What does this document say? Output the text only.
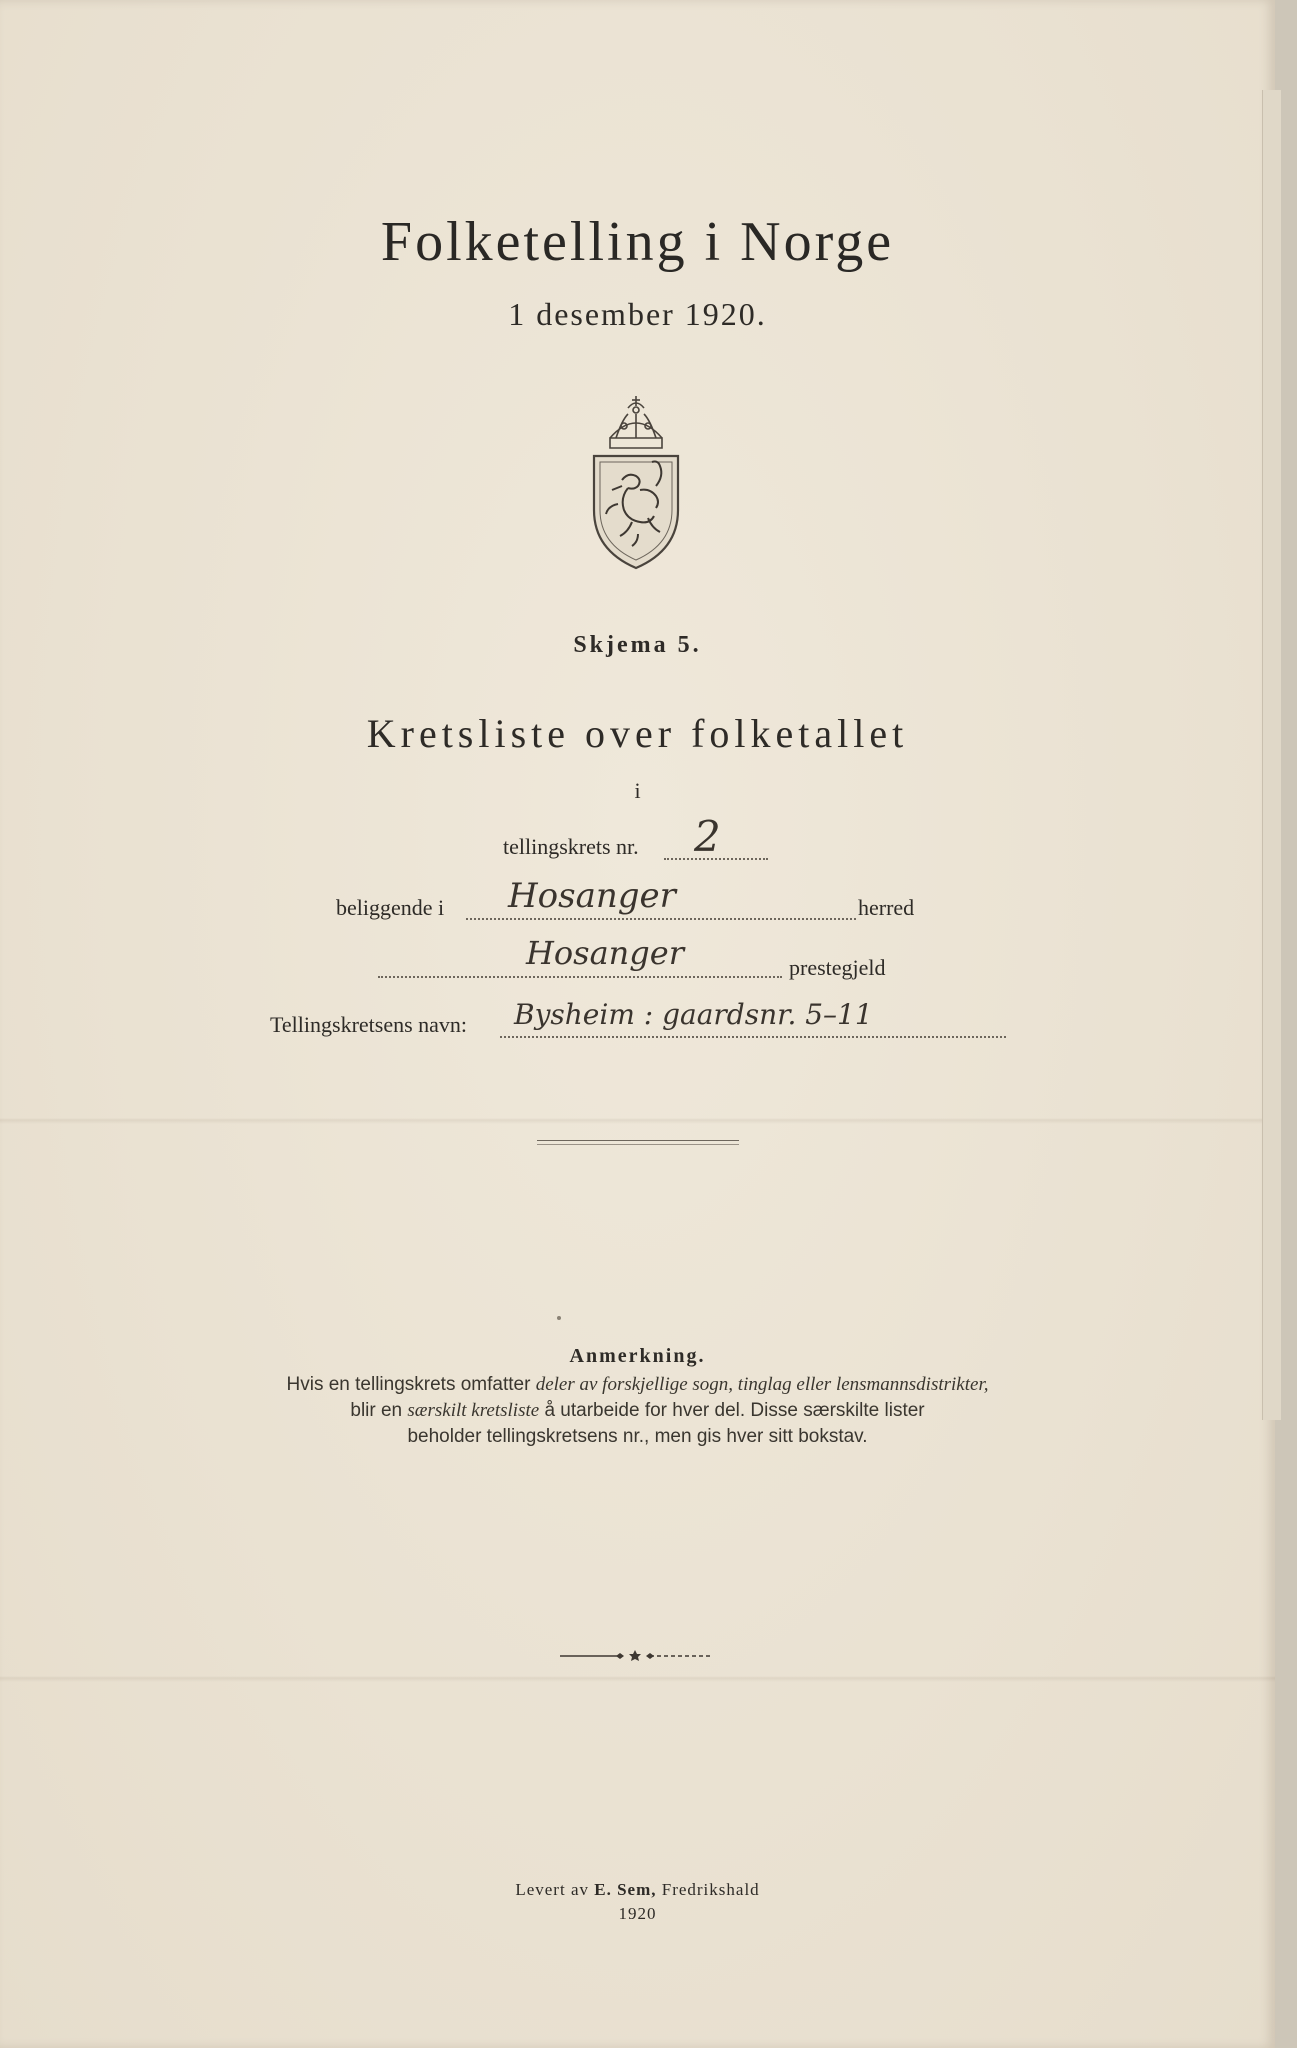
Folketelling i Norge
1 desember 1920.
Skjema 5.
Kretsliste over folketallet
i
tellingskrets nr. 2
beliggende i Hosanger	herred
Hosanger	prestegjeld
Tellingskretsens navn: Bysheim : gaardsnr. 5–11
Anmerkning.
Hvis en tellingskrets omfatter deler av forskjellige sogn, tinglag eller lensmannsdistrikter,
blir en særskilt kretsliste å utarbeide for hver del. Disse særskilte lister
beholder tellingskretsens nr., men gis hver sitt bokstav.
Levert av E. Sem, Fredrikshald
1920
